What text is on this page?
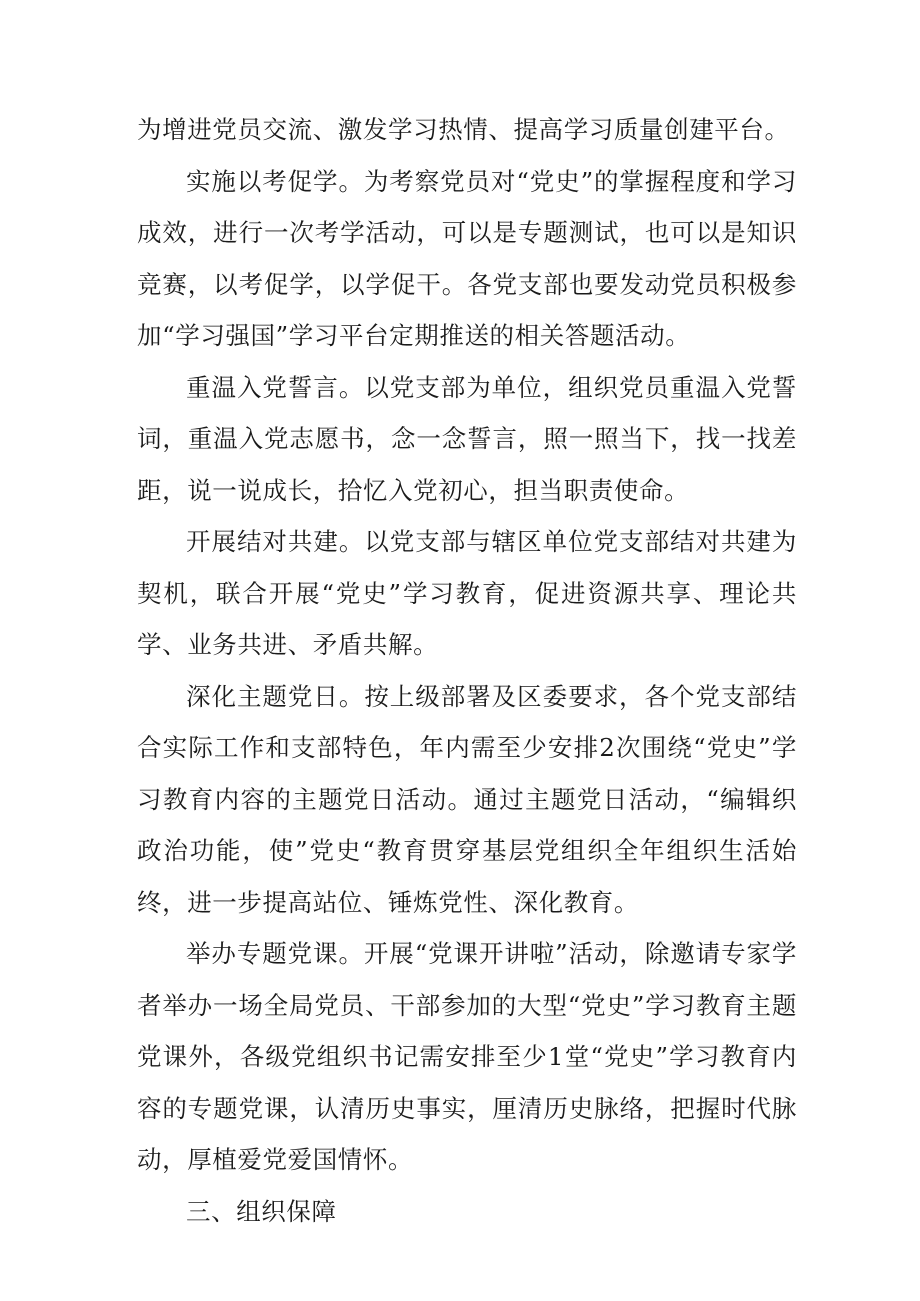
为增进党员交流、激发学习热情、提高学习质量创建平台。

实施以考促学。为考察党员对“党史”的掌握程度和学习成效，进行一次考学活动，可以是专题测试，也可以是知识竞赛，以考促学，以学促干。各党支部也要发动党员积极参加“学习强国”学习平台定期推送的相关答题活动。

重温入党誓言。以党支部为单位，组织党员重温入党誓词，重温入党志愿书，念一念誓言，照一照当下，找一找差距，说一说成长，拾忆入党初心，担当职责使命。

开展结对共建。以党支部与辖区单位党支部结对共建为契机，联合开展“党史”学习教育，促进资源共享、理论共学、业务共进、矛盾共解。

深化主题党日。按上级部署及区委要求，各个党支部结合实际工作和支部特色，年内需至少安排2次围绕“党史”学习教育内容的主题党日活动。通过主题党日活动，“编辑织政治功能，使”党史“教育贯穿基层党组织全年组织生活始终，进一步提高站位、锤炼党性、深化教育。

举办专题党课。开展“党课开讲啦”活动，除邀请专家学者举办一场全局党员、干部参加的大型“党史”学习教育主题党课外，各级党组织书记需安排至少1堂“党史”学习教育内容的专题党课，认清历史事实，厘清历史脉络，把握时代脉动，厚植爱党爱国情怀。

三、组织保障
